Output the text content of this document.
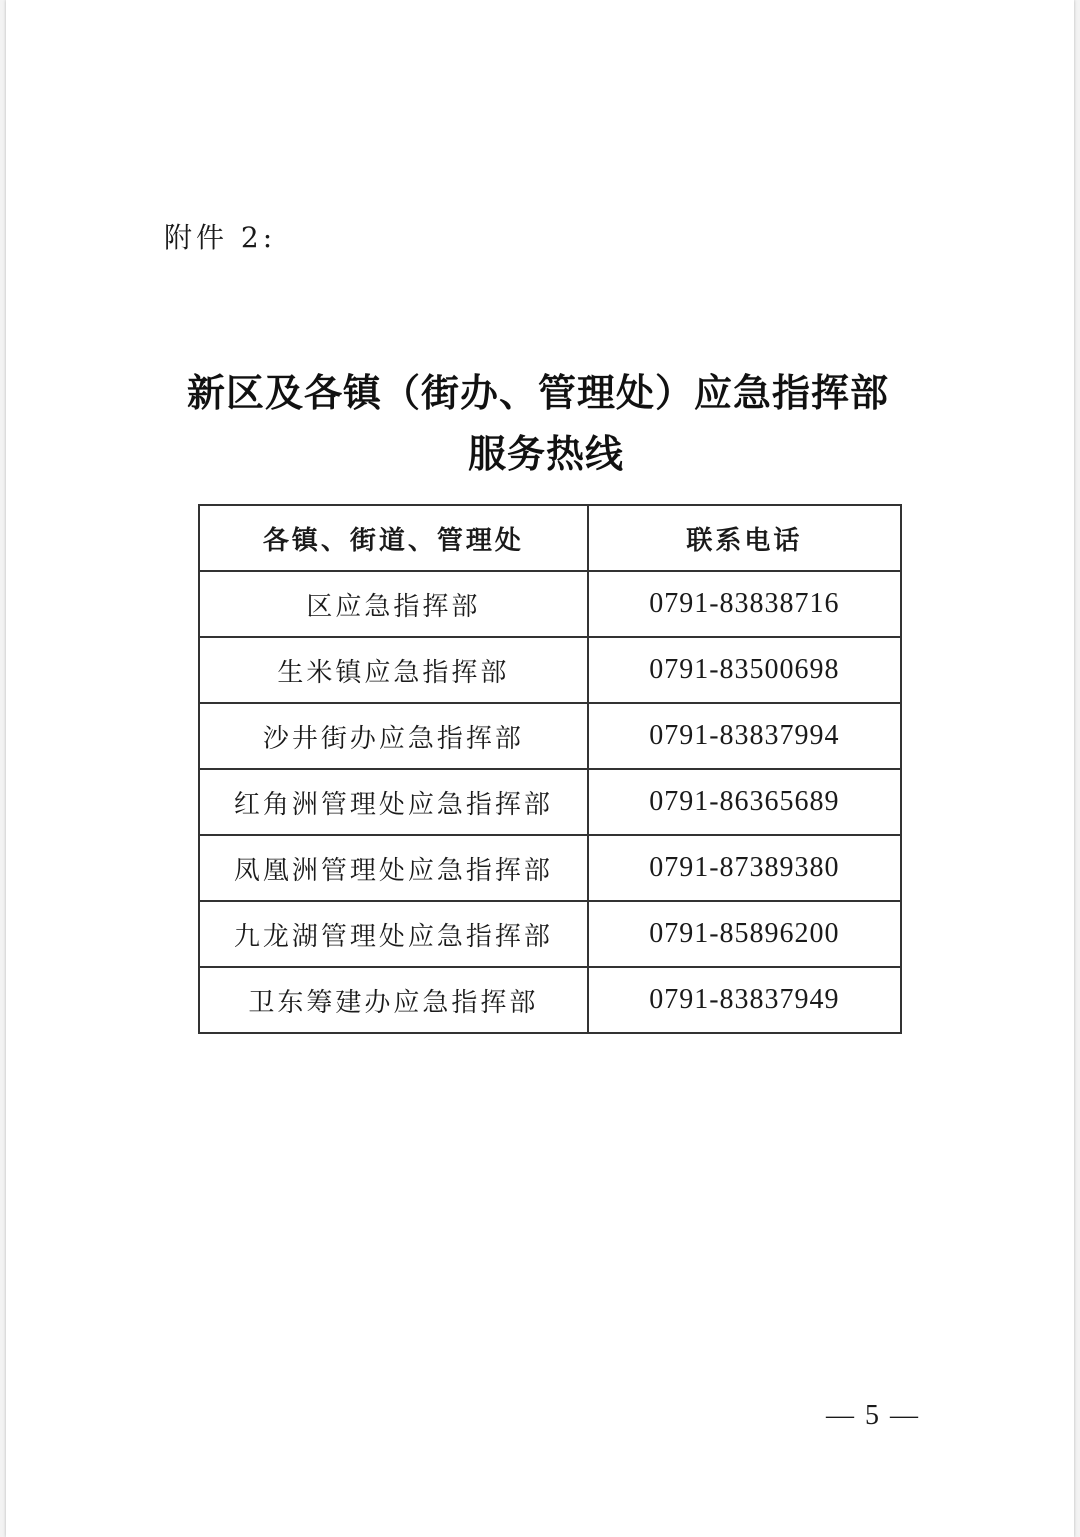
附件 2:
新区及各镇（街办、管理处）应急指挥部
服务热线
各镇、街道、管理处	联系电话
区应急指挥部	0791-83838716
生米镇应急指挥部	0791-83500698
沙井街办应急指挥部	0791-83837994
红角洲管理处应急指挥部	0791-86365689
凤凰洲管理处应急指挥部	0791-87389380
九龙湖管理处应急指挥部	0791-85896200
卫东筹建办应急指挥部	0791-83837949
— 5 —
